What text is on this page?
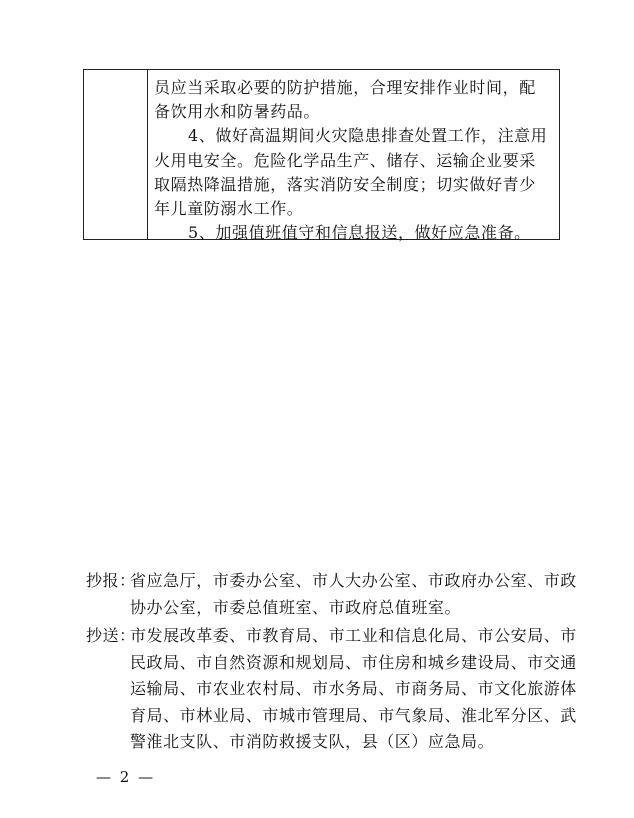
员应当采取必要的防护措施，合理安排作业时间，配
备饮用水和防暑药品。
4、做好高温期间火灾隐患排查处置工作，注意用
火用电安全。危险化学品生产、储存、运输企业要采
取隔热降温措施，落实消防安全制度；切实做好青少
年儿童防溺水工作。
5、加强值班值守和信息报送，做好应急准备。
抄报：省应急厅，市委办公室、市人大办公室、市政府办公室、市政
协办公室，市委总值班室、市政府总值班室。
抄送：市发展改革委、市教育局、市工业和信息化局、市公安局、市
民政局、市自然资源和规划局、市住房和城乡建设局、市交通
运输局、市农业农村局、市水务局、市商务局、市文化旅游体
育局、市林业局、市城市管理局、市气象局、淮北军分区、武
警淮北支队、市消防救援支队，县（区）应急局。
— 2 —
